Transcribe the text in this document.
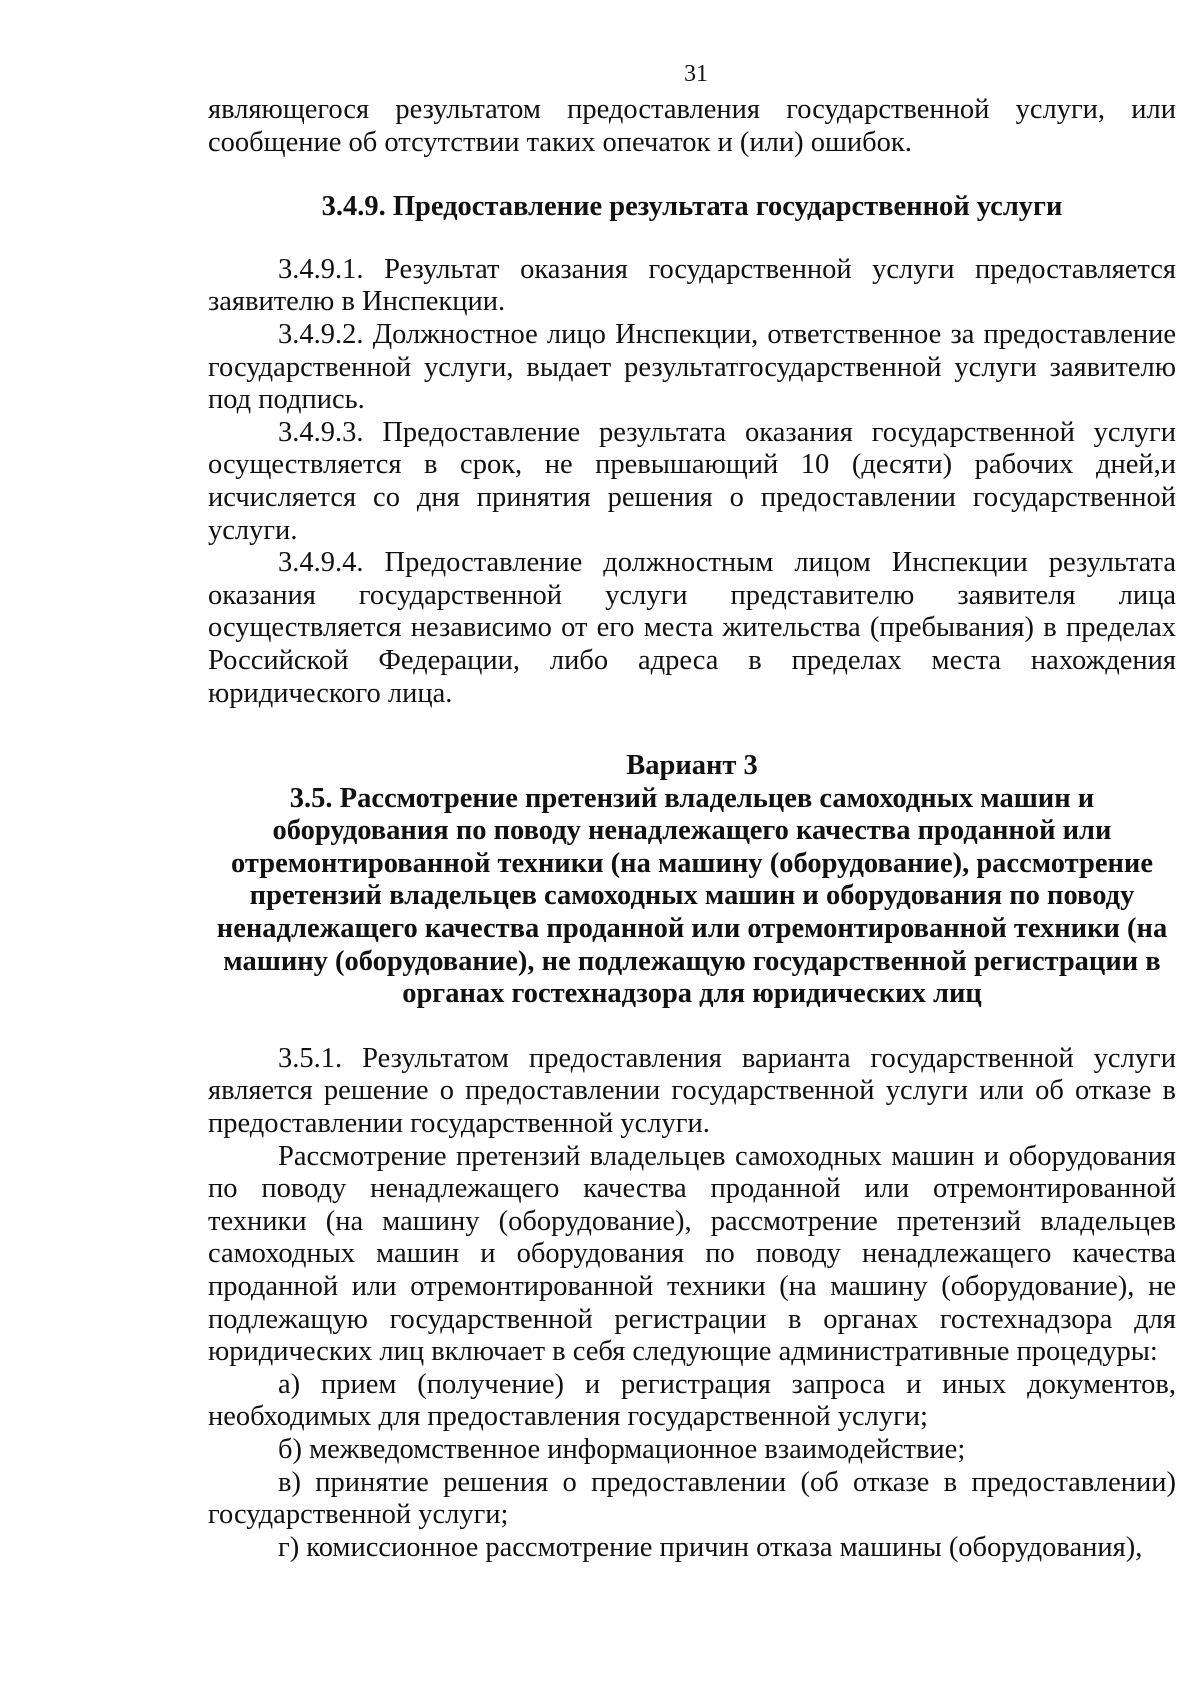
31

являющегося результатом предоставления государственной услуги, или сообщение об отсутствии таких опечаток и (или) ошибок.

3.4.9. Предоставление результата государственной услуги

3.4.9.1. Результат оказания государственной услуги предоставляется заявителю в Инспекции.

3.4.9.2. Должностное лицо Инспекции, ответственное за предоставление государственной услуги, выдает результатгосударственной услуги заявителю под подпись.

3.4.9.3. Предоставление результата оказания государственной услуги осуществляется в срок, не превышающий 10 (десяти) рабочих дней,и исчисляется со дня принятия решения о предоставлении государственной услуги.

3.4.9.4. Предоставление должностным лицом Инспекции результата оказания государственной услуги представителю заявителя лица осуществляется независимо от его места жительства (пребывания) в пределах Российской Федерации, либо адреса в пределах места нахождения юридического лица.

Вариант 3
3.5. Рассмотрение претензий владельцев самоходных машин и оборудования по поводу ненадлежащего качества проданной или отремонтированной техники (на машину (оборудование), рассмотрение претензий владельцев самоходных машин и оборудования по поводу ненадлежащего качества проданной или отремонтированной техники (на машину (оборудование), не подлежащую государственной регистрации в органах гостехнадзора для юридических лиц

3.5.1. Результатом предоставления варианта государственной услуги является решение о предоставлении государственной услуги или об отказе в предоставлении государственной услуги.

Рассмотрение претензий владельцев самоходных машин и оборудования по поводу ненадлежащего качества проданной или отремонтированной техники (на машину (оборудование), рассмотрение претензий владельцев самоходных машин и оборудования по поводу ненадлежащего качества проданной или отремонтированной техники (на машину (оборудование), не подлежащую государственной регистрации в органах гостехнадзора для юридических лиц включает в себя следующие административные процедуры:

а) прием (получение) и регистрация запроса и иных документов, необходимых для предоставления государственной услуги;

б) межведомственное информационное взаимодействие;

в) принятие решения о предоставлении (об отказе в предоставлении) государственной услуги;

г) комиссионное рассмотрение причин отказа машины (оборудования),
